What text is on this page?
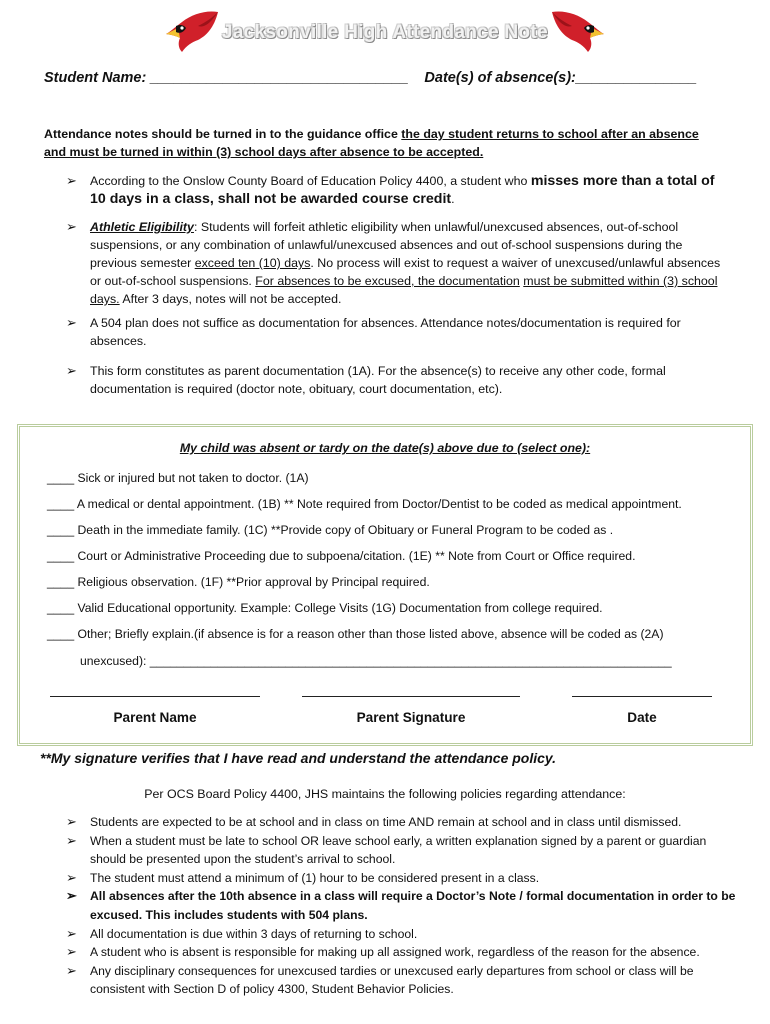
Jacksonville High Attendance Note
Student Name: ________________________________ Date(s) of absence(s):_______________
Attendance notes should be turned in to the guidance office the day student returns to school after an absence and must be turned in within (3) school days after absence to be accepted.
➢ According to the Onslow County Board of Education Policy 4400, a student who misses more than a total of 10 days in a class, shall not be awarded course credit.
➢ Athletic Eligibility: Students will forfeit athletic eligibility when unlawful/unexcused absences, out-of-school suspensions, or any combination of unlawful/unexcused absences and out of-school suspensions during the previous semester exceed ten (10) days. No process will exist to request a waiver of unexcused/unlawful absences or out-of-school suspensions. For absences to be excused, the documentation must be submitted within (3) school days. After 3 days, notes will not be accepted.
➢ A 504 plan does not suffice as documentation for absences. Attendance notes/documentation is required for absences.
➢ This form constitutes as parent documentation (1A). For the absence(s) to receive any other code, formal documentation is required (doctor note, obituary, court documentation, etc).
My child was absent or tardy on the date(s) above due to (select one):
____ Sick or injured but not taken to doctor. (1A)
____ A medical or dental appointment. (1B) ** Note required from Doctor/Dentist to be coded as medical appointment.
____ Death in the immediate family. (1C) **Provide copy of Obituary or Funeral Program to be coded as .
____ Court or Administrative Proceeding due to subpoena/citation. (1E) ** Note from Court or Office required.
____ Religious observation. (1F) **Prior approval by Principal required.
____ Valid Educational opportunity. Example: College Visits (1G) Documentation from college required.
____ Other; Briefly explain.(if absence is for a reason other than those listed above, absence will be coded as (2A)
unexcused): _____________________________________________________________________________
Parent Name	Parent Signature	Date
**My signature verifies that I have read and understand the attendance policy.
Per OCS Board Policy 4400, JHS maintains the following policies regarding attendance:
➢ Students are expected to be at school and in class on time AND remain at school and in class until dismissed.
➢ When a student must be late to school OR leave school early, a written explanation signed by a parent or guardian should be presented upon the student’s arrival to school.
➢ The student must attend a minimum of (1) hour to be considered present in a class.
➢ All absences after the 10th absence in a class will require a Doctor’s Note / formal documentation in order to be excused. This includes students with 504 plans.
➢ All documentation is due within 3 days of returning to school.
➢ A student who is absent is responsible for making up all assigned work, regardless of the reason for the absence.
➢ Any disciplinary consequences for unexcused tardies or unexcused early departures from school or class will be consistent with Section D of policy 4300, Student Behavior Policies.
